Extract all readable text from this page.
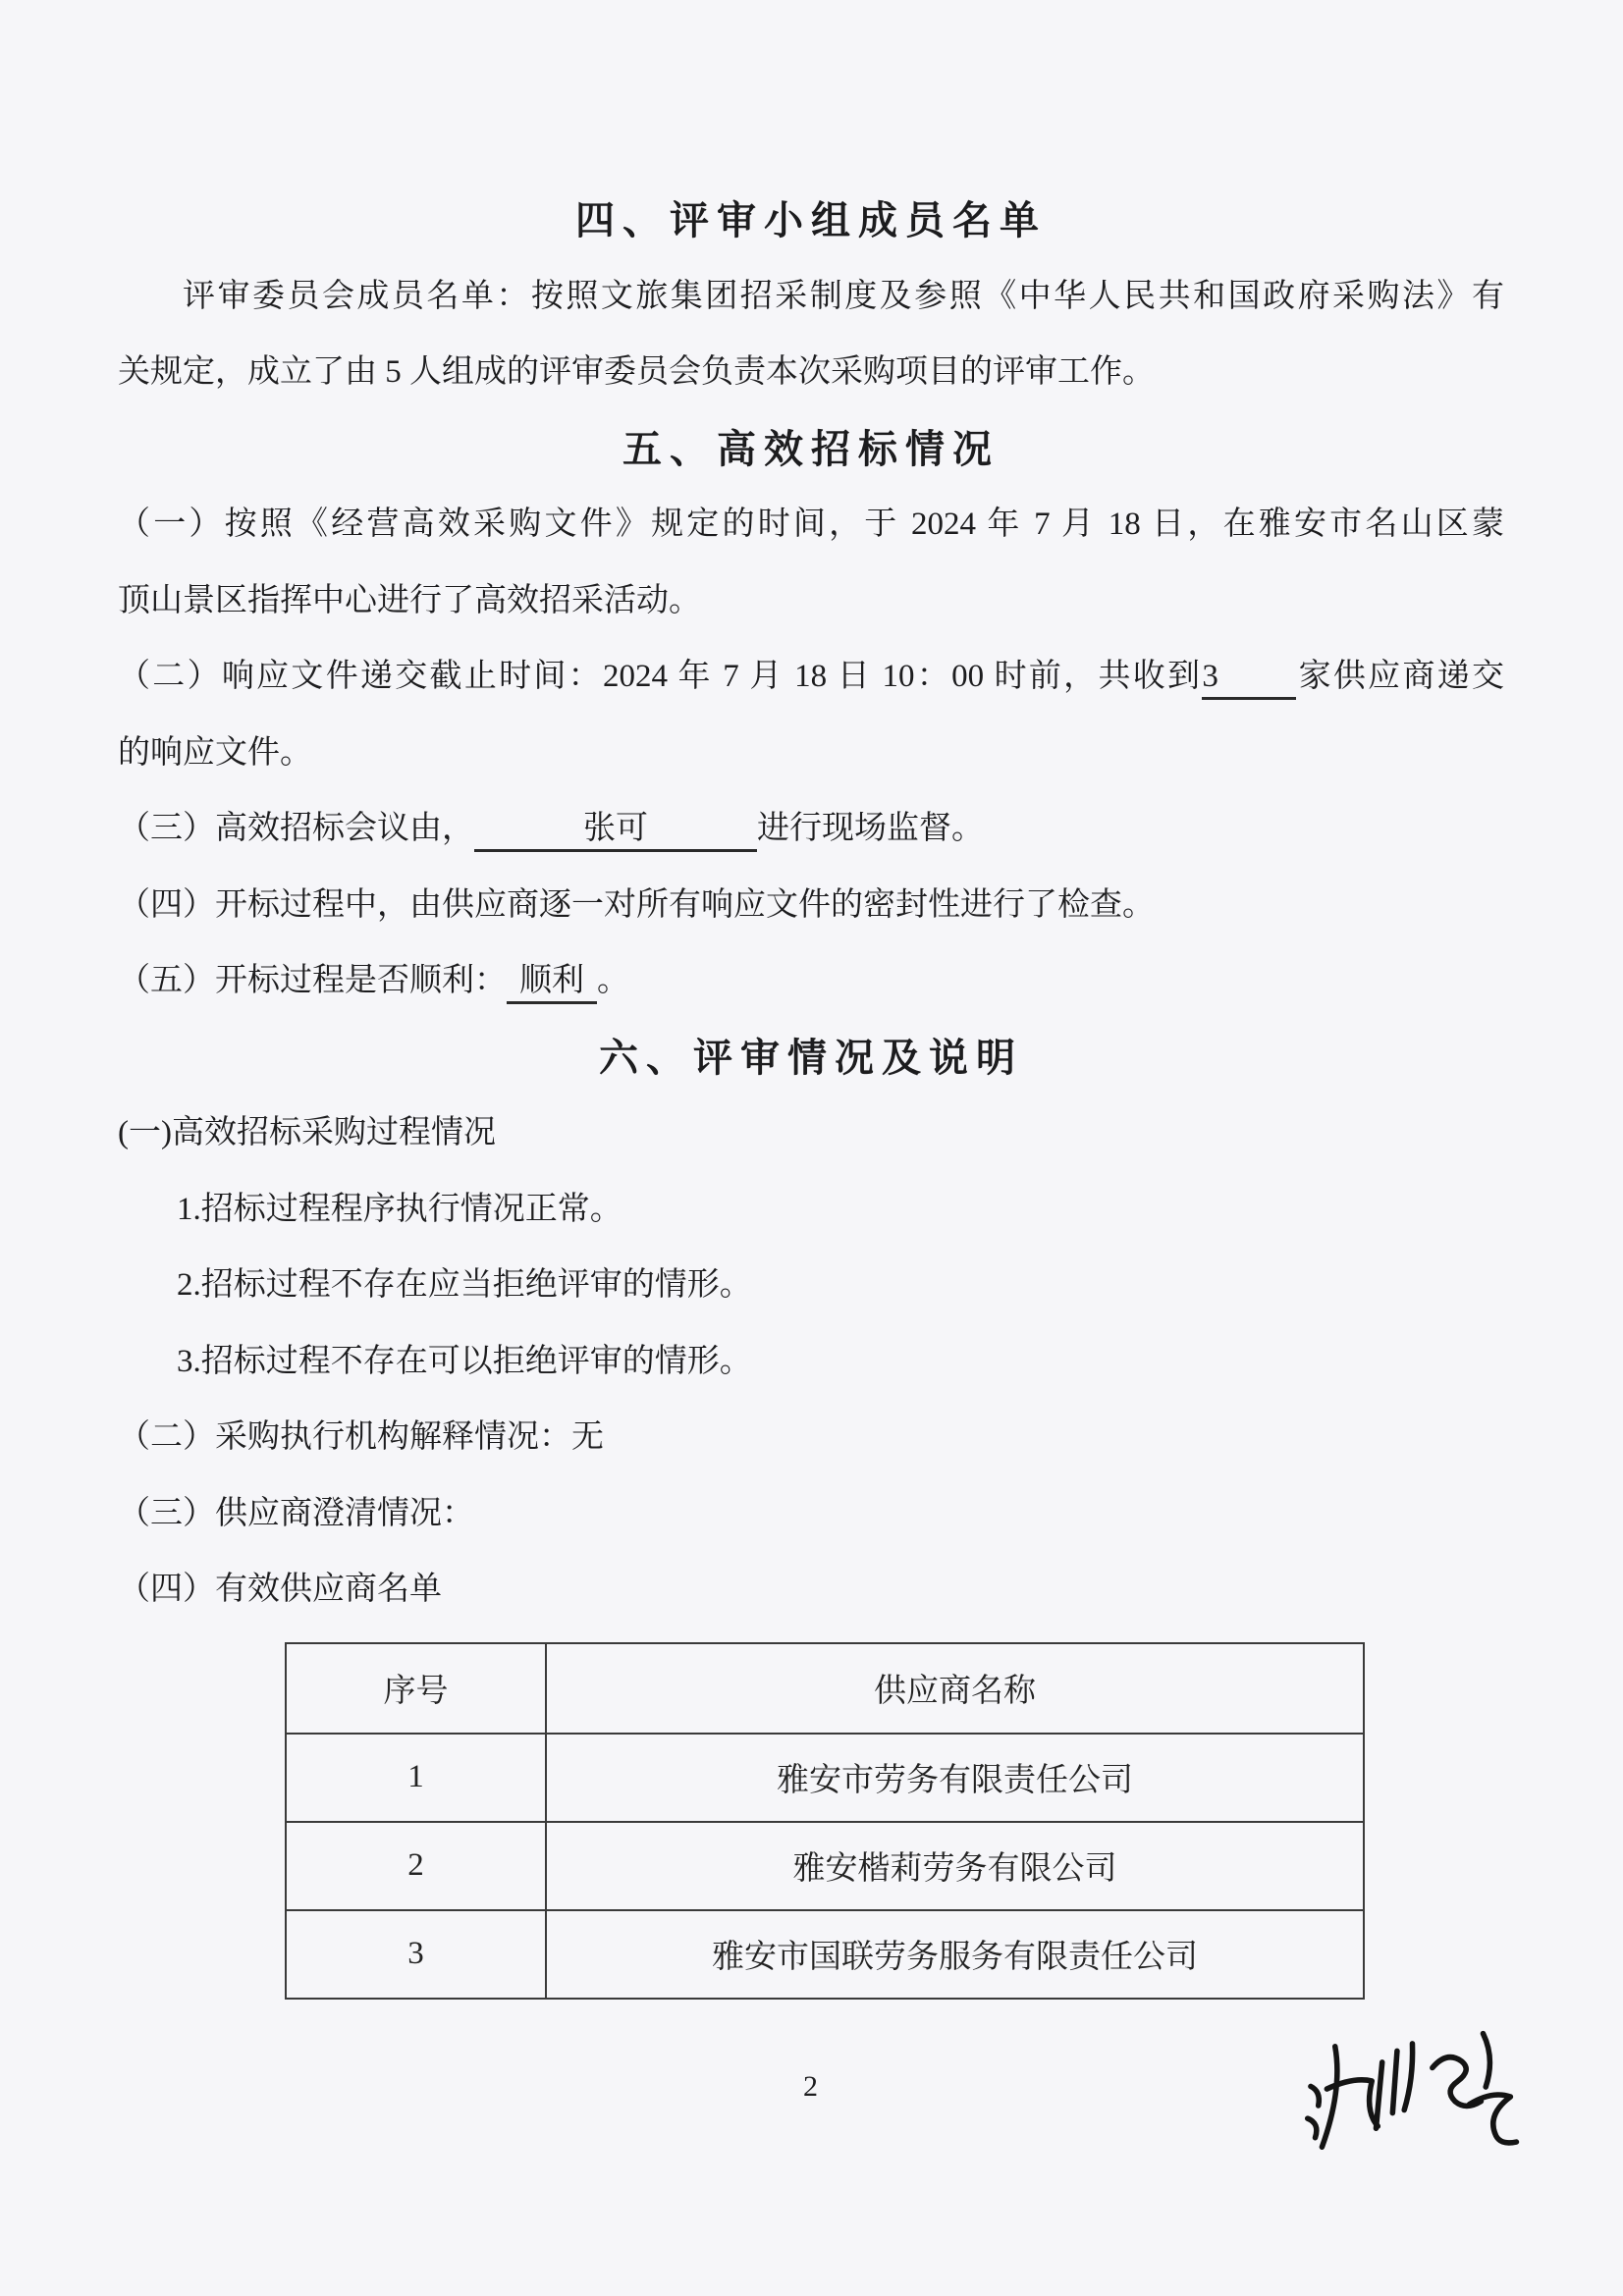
四、评审小组成员名单
评审委员会成员名单：按照文旅集团招采制度及参照《中华人民共和国政府采购法》有
关规定，成立了由 5 人组成的评审委员会负责本次采购项目的评审工作。
五、高效招标情况
（一）按照《经营高效采购文件》规定的时间，于 2024 年 7 月 18 日，在雅安市名山区蒙
顶山景区指挥中心进行了高效招采活动。
（二）响应文件递交截止时间：2024 年 7 月 18 日 10：00 时前，共收到3 家供应商递交
的响应文件。
（三）高效招标会议由，	张可	进行现场监督。
（四）开标过程中，由供应商逐一对所有响应文件的密封性进行了检查。
（五）开标过程是否顺利： 顺利 。
六、评审情况及说明
(一)高效招标采购过程情况
1.招标过程程序执行情况正常。
2.招标过程不存在应当拒绝评审的情形。
3.招标过程不存在可以拒绝评审的情形。
（二）采购执行机构解释情况：无
（三）供应商澄清情况：
（四）有效供应商名单
序号	供应商名称
1	雅安市劳务有限责任公司
2	雅安楷莉劳务有限公司
3	雅安市国联劳务服务有限责任公司
2
